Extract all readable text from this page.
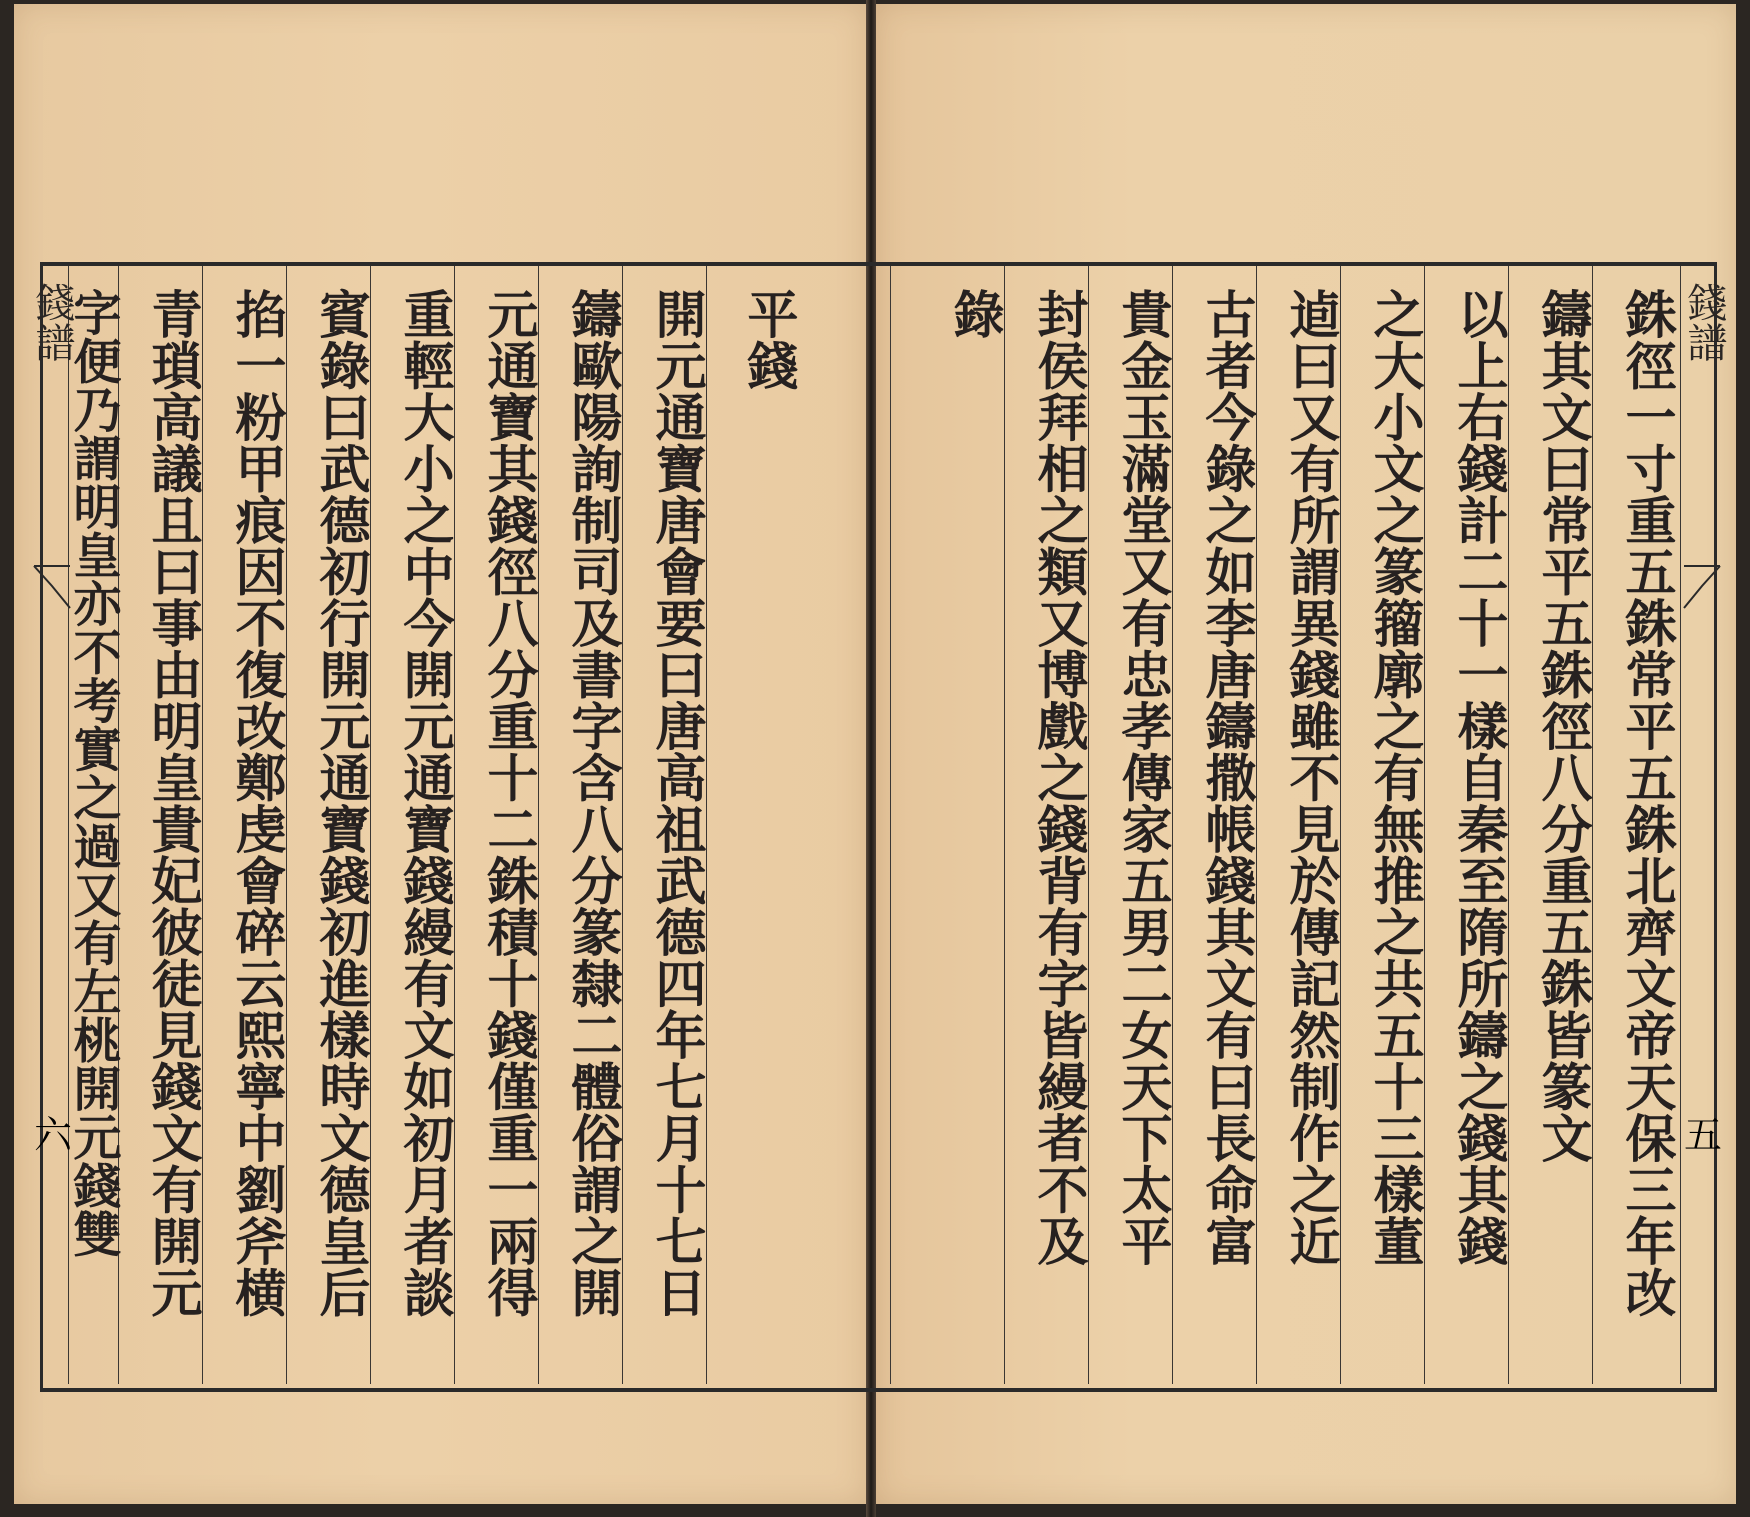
平錢
開元通寶唐會要曰唐高祖武德四年七月十七日
鑄歐陽詢制司及書字含八分篆隸二體俗謂之開
元通寶其錢徑八分重十二銖積十錢僅重一兩得
重輕大小之中今開元通寶錢縵有文如初月者談
賓錄曰武德初行開元通寶錢初進樣時文德皇后
掐一粉甲痕因不復改鄭虔會碎云熙寧中劉斧横
青瑣高議且曰事由明皇貴妃彼徒見錢文有開元
字便乃謂明皇亦不考實之過又有左桃開元錢雙
錢譜
六	銖徑一寸重五銖常平五銖北齊文帝天保三年改
鑄其文曰常平五銖徑八分重五銖皆篆文
以上右錢計二十一樣自秦至隋所鑄之錢其錢
之大小文之篆籀廓之有無推之共五十三樣董
逌曰又有所謂異錢雖不見於傳記然制作之近
古者今錄之如李唐鑄撒帳錢其文有曰長命富
貴金玉滿堂又有忠孝傳家五男二女天下太平
封侯拜相之類又博戲之錢背有字皆縵者不及
錄	錢譜
五
